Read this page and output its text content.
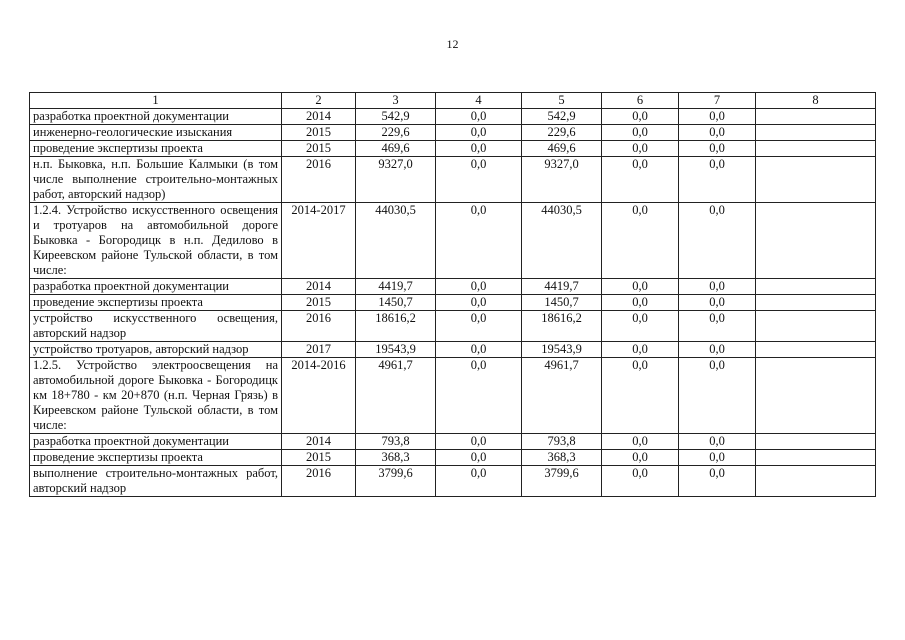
12
1	2	3	4	5	6	7	8
разработка проектной документации	2014	542,9	0,0	542,9	0,0	0,0	
инженерно-геологические изыскания	2015	229,6	0,0	229,6	0,0	0,0	
проведение экспертизы проекта	2015	469,6	0,0	469,6	0,0	0,0	
н.п. Быковка, н.п. Большие Калмыки (в том числе выполнение строительно-монтажных работ, авторский надзор)	2016	9327,0	0,0	9327,0	0,0	0,0	
1.2.4. Устройство искусственного освещения и тротуаров на автомобильной дороге Быковка - Богородицк в н.п. Дедилово в Киреевском районе Тульской области, в том числе:	2014-2017	44030,5	0,0	44030,5	0,0	0,0	
разработка проектной документации	2014	4419,7	0,0	4419,7	0,0	0,0	
проведение экспертизы проекта	2015	1450,7	0,0	1450,7	0,0	0,0	
устройство искусственного освещения, авторский надзор	2016	18616,2	0,0	18616,2	0,0	0,0	
устройство тротуаров, авторский надзор	2017	19543,9	0,0	19543,9	0,0	0,0	
1.2.5. Устройство электроосвещения на автомобильной дороге Быковка - Богородицк км 18+780 - км 20+870 (н.п. Черная Грязь) в Киреевском районе Тульской области, в том числе:	2014-2016	4961,7	0,0	4961,7	0,0	0,0	
разработка проектной документации	2014	793,8	0,0	793,8	0,0	0,0	
проведение экспертизы проекта	2015	368,3	0,0	368,3	0,0	0,0	
выполнение строительно-монтажных работ, авторский надзор	2016	3799,6	0,0	3799,6	0,0	0,0	
